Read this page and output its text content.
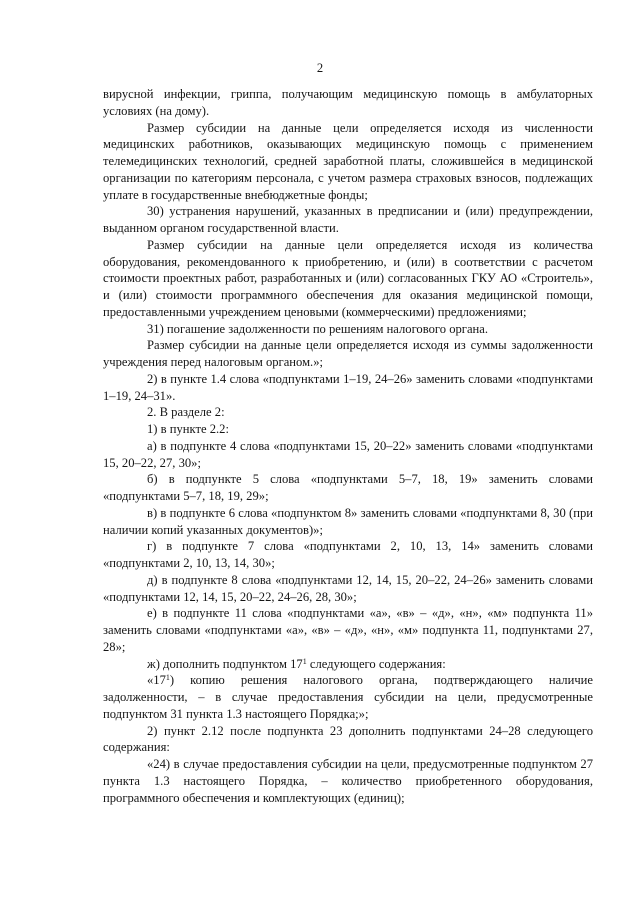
2

вирусной инфекции, гриппа, получающим медицинскую помощь в амбулаторных условиях (на дому).

Размер субсидии на данные цели определяется исходя из численности медицинских работников, оказывающих медицинскую помощь с применением телемедицинских технологий, средней заработной платы, сложившейся в медицинской организации по категориям персонала, с учетом размера страховых взносов, подлежащих уплате в государственные внебюджетные фонды;

30) устранения нарушений, указанных в предписании и (или) предупреждении, выданном органом государственной власти.

Размер субсидии на данные цели определяется исходя из количества оборудования, рекомендованного к приобретению, и (или) в соответствии с расчетом стоимости проектных работ, разработанных и (или) согласованных ГКУ АО «Строитель», и (или) стоимости программного обеспечения для оказания медицинской помощи, предоставленными учреждением ценовыми (коммерческими) предложениями;

31) погашение задолженности по решениям налогового органа.

Размер субсидии на данные цели определяется исходя из суммы задолженности учреждения перед налоговым органом.»;

2) в пункте 1.4 слова «подпунктами 1–19, 24–26» заменить словами «подпунктами 1–19, 24–31».

2. В разделе 2:

1) в пункте 2.2:

а) в подпункте 4 слова «подпунктами 15, 20–22» заменить словами «подпунктами 15, 20–22, 27, 30»;

б) в подпункте 5 слова «подпунктами 5–7, 18, 19» заменить словами «подпунктами 5–7, 18, 19, 29»;

в) в подпункте 6 слова «подпунктом 8» заменить словами «подпунктами 8, 30 (при наличии копий указанных документов)»;

г) в подпункте 7 слова «подпунктами 2, 10, 13, 14» заменить словами «подпунктами 2, 10, 13, 14, 30»;

д) в подпункте 8 слова «подпунктами 12, 14, 15, 20–22, 24–26» заменить словами «подпунктами 12, 14, 15, 20–22, 24–26, 28, 30»;

е) в подпункте 11 слова «подпунктами «а», «в» – «д», «н», «м» подпункта 11» заменить словами «подпунктами «а», «в» – «д», «н», «м» подпункта 11, подпунктами 27, 28»;

ж) дополнить подпунктом $17^1$ следующего содержания:

«$17^1$) копию решения налогового органа, подтверждающего наличие задолженности, – в случае предоставления субсидии на цели, предусмотренные подпунктом 31 пункта 1.3 настоящего Порядка;»;

2) пункт 2.12 после подпункта 23 дополнить подпунктами 24–28 следующего содержания:

«24) в случае предоставления субсидии на цели, предусмотренные подпунктом 27 пункта 1.3 настоящего Порядка, – количество приобретенного оборудования, программного обеспечения и комплектующих (единиц);
